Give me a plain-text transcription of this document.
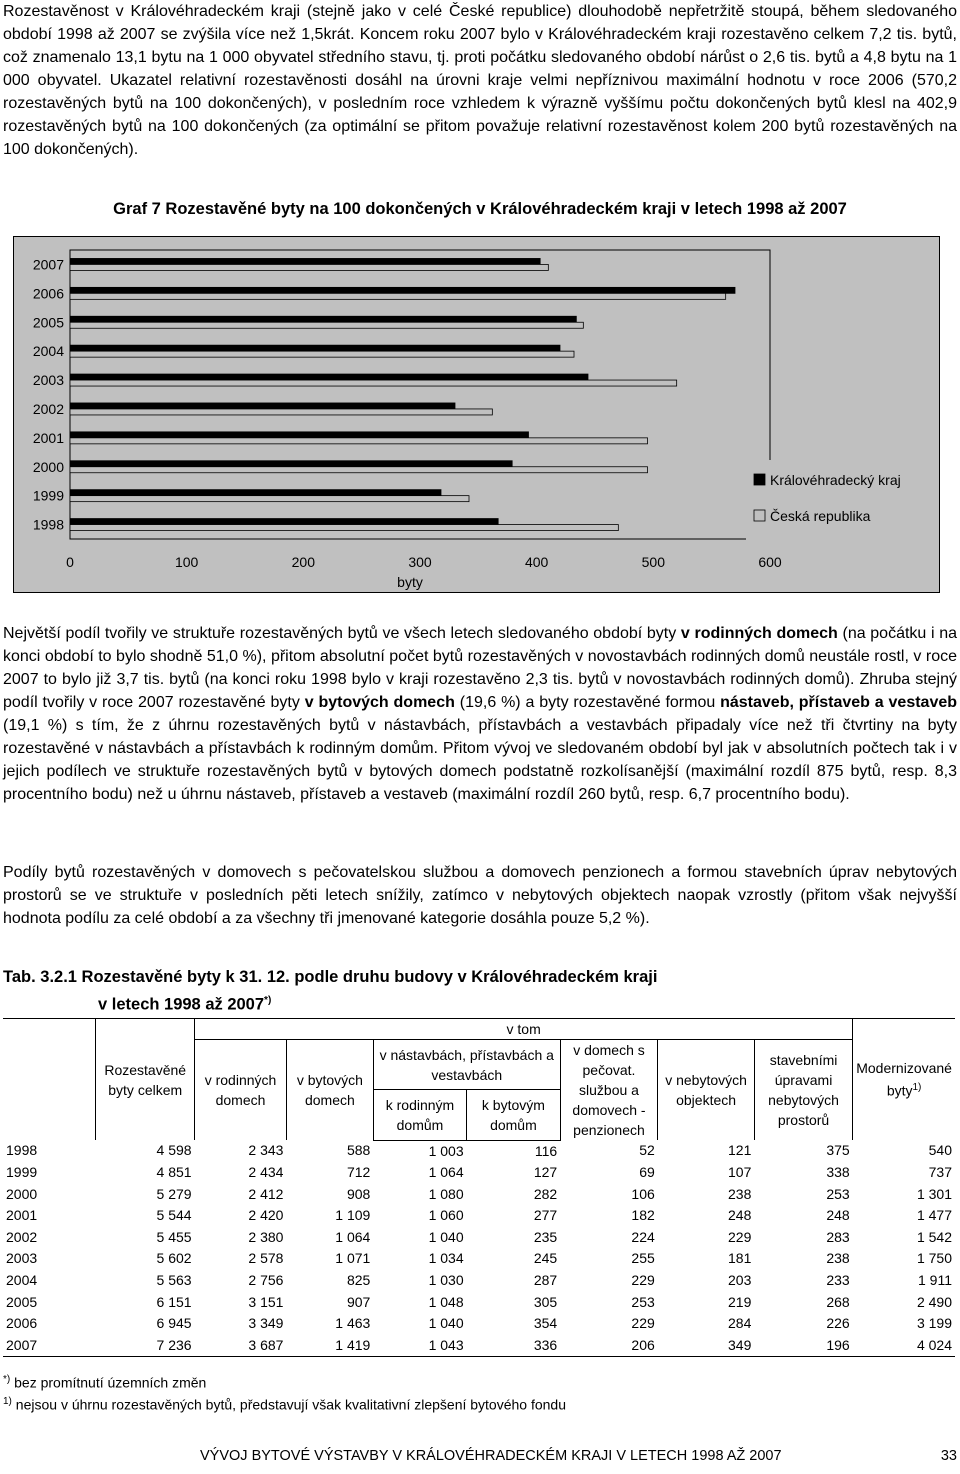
Rozestavěnost v Královéhradeckém kraji (stejně jako v celé České republice) dlouhodobě nepřetržitě stoupá, během sledovaného období 1998 až 2007 se zvýšila více než 1,5krát. Koncem roku 2007 bylo v Královéhradeckém kraji rozestavěno celkem 7,2 tis. bytů, což znamenalo 13,1 bytu na 1 000 obyvatel středního stavu, tj. proti počátku sledovaného období nárůst o 2,6 tis. bytů a 4,8 bytu na 1 000 obyvatel. Ukazatel relativní rozestavěnosti dosáhl na úrovni kraje velmi nepříznivou maximální hodnotu v roce 2006 (570,2 rozestavěných bytů na 100 dokončených), v posledním roce vzhledem k výrazně vyššímu počtu dokončených bytů klesl na 402,9 rozestavěných bytů na 100 dokončených (za optimální se přitom považuje relativní rozestavěnost kolem 200 bytů rozestavěných na 100 dokončených).

Graf 7 Rozestavěné byty na 100 dokončených v Královéhradeckém kraji v letech 1998 až 2007
2007
2006
2005
2004
2003
2002
2001
2000
1999
1998
0	100	200	300	400	500	600
byty
Královéhradecký kraj
Česká republika

Největší podíl tvořily ve struktuře rozestavěných bytů ve všech letech sledovaného období byty v rodinných domech (na počátku i na konci období to bylo shodně 51,0 %), přitom absolutní počet bytů rozestavěných v novostavbách rodinných domů neustále rostl, v roce 2007 to bylo již 3,7 tis. bytů (na konci roku 1998 bylo v kraji rozestavěno 2,3 tis. bytů v novostavbách rodinných domů). Zhruba stejný podíl tvořily v roce 2007 rozestavěné byty v bytových domech (19,6 %) a byty rozestavěné formou nástaveb, přístaveb a vestaveb (19,1 %) s tím, že z úhrnu rozestavěných bytů v nástavbách, přístavbách a vestavbách připadaly více než tři čtvrtiny na byty rozestavěné v nástavbách a přístavbách k rodinným domům. Přitom vývoj ve sledovaném období byl jak v absolutních počtech tak i v jejich podílech ve struktuře rozestavěných bytů v bytových domech podstatně rozkolísanější (maximální rozdíl 875 bytů, resp. 8,3 procentního bodu) než u úhrnu nástaveb, přístaveb a vestaveb (maximální rozdíl 260 bytů, resp. 6,7 procentního bodu).

Podíly bytů rozestavěných v domovech s pečovatelskou službou a domovech penzionech a formou stavebních úprav nebytových prostorů se ve struktuře v posledních pěti letech snížily, zatímco v nebytových objektech naopak vzrostly (přitom však nejvyšší hodnota podílu za celé období a za všechny tři jmenované kategorie dosáhla pouze 5,2 %).

Tab. 3.2.1 Rozestavěné byty k 31. 12. podle druhu budovy v Královéhradeckém kraji
v letech 1998 až 2007*)
	Rozestavěné byty celkem	v tom							Modernizované byty$^{1)}$
		v rodinných domech	v bytových domech	v nástavbách, přístavbách a vestavbách		v domech s pečovat. službou a domovech - penzionech	v nebytových objektech	stavebními úpravami nebytových prostorů	
				k rodinným domům	k bytovým domům				
1998	4 598	2 343	588	1 003	116	52	121	375	540
1999	4 851	2 434	712	1 064	127	69	107	338	737
2000	5 279	2 412	908	1 080	282	106	238	253	1 301
2001	5 544	2 420	1 109	1 060	277	182	248	248	1 477
2002	5 455	2 380	1 064	1 040	235	224	229	283	1 542
2003	5 602	2 578	1 071	1 034	245	255	181	238	1 750
2004	5 563	2 756	825	1 030	287	229	203	233	1 911
2005	6 151	3 151	907	1 048	305	253	219	268	2 490
2006	6 945	3 349	1 463	1 040	354	229	284	226	3 199
2007	7 236	3 687	1 419	1 043	336	206	349	196	4 024
*) bez promítnutí územních změn
$^{1)}$ nejsou v úhrnu rozestavěných bytů, představují však kvalitativní zlepšení bytového fondu
VÝVOJ BYTOVÉ VÝSTAVBY V KRÁLOVÉHRADECKÉM KRAJI V LETECH 1998 AŽ 2007	33
